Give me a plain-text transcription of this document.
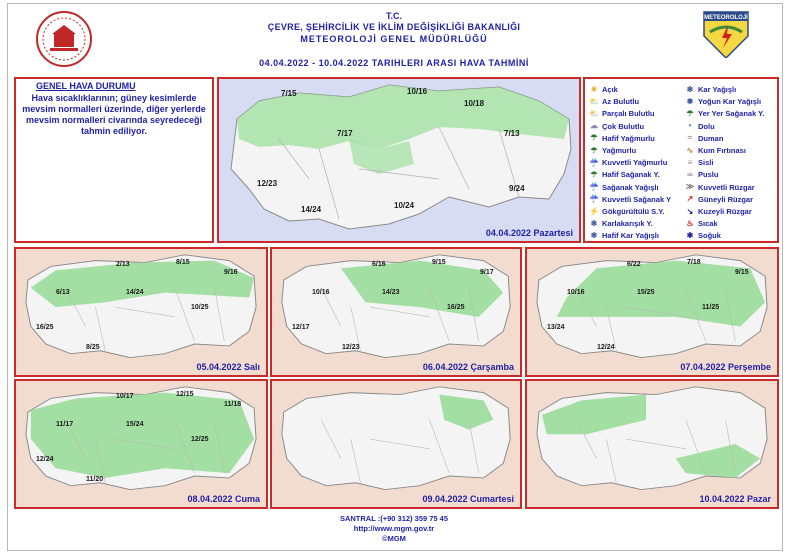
T.C.
ÇEVRE, ŞEHİRCİLİK VE İKLİM DEĞİŞİKLİĞİ BAKANLIĞI
METEOROLOJİ GENEL MÜDÜRLÜĞÜ
04.04.2022 - 10.04.2022 TARIHLERI ARASI HAVA TAHMİNİ
METEOROLOJİ
GENEL HAVA DURUMU
Hava sıcaklıklarının; güney kesimlerde mevsim normalleri üzerinde, diğer yerlerde mevsim normalleri civarında seyredeceği tahmin ediliyor.
7/15	10/16
10/18
7/17	7/13
12/23
9/24
14/24	10/24
04.04.2022 Pazartesi
☀ Açık
⛅ Az Bulutlu
⛅ Parçalı Bulutlu
☁ Çok Bulutlu
☂ Hafif Yağmurlu
☂ Yağmurlu
☔ Kuvvetli Yağmurlu
☂ Hafif Sağanak Y.
☔ Sağanak Yağışlı
☔ Kuvvetli Sağanak Y
⚡ Gökgürültülü S.Y.
❄ Karlakarışık Y.
❄ Hafif Kar Yağışlı
❄ Kar Yağışlı
❅ Yoğun Kar Yağışlı
☂ Yer Yer Sağanak Y.
• Dolu
≈ Duman
∿ Kum Fırtınası
≡ Sisli
∞ Puslu
≫ Kuvvetli Rüzgar
↗ Güneyli Rüzgar
↘ Kuzeyli Rüzgar
♨ Sıcak
✱ Soğuk
2/13	8/15
9/16
6/13	14/24
10/25
16/25
8/25
05.04.2022 Salı
6/16	9/15
9/17
10/16	14/23
16/25
12/17
12/23
06.04.2022 Çarşamba
6/22	7/18
9/15
10/16	15/25
11/25
13/24
12/24
07.04.2022 Perşembe
10/17	12/15
11/18
11/17	15/24
12/25
12/24
11/20
08.04.2022 Cuma	09.04.2022 Cumartesi	10.04.2022 Pazar
SANTRAL :(+90 312) 359 75 45
http://www.mgm.gov.tr
©MGM
